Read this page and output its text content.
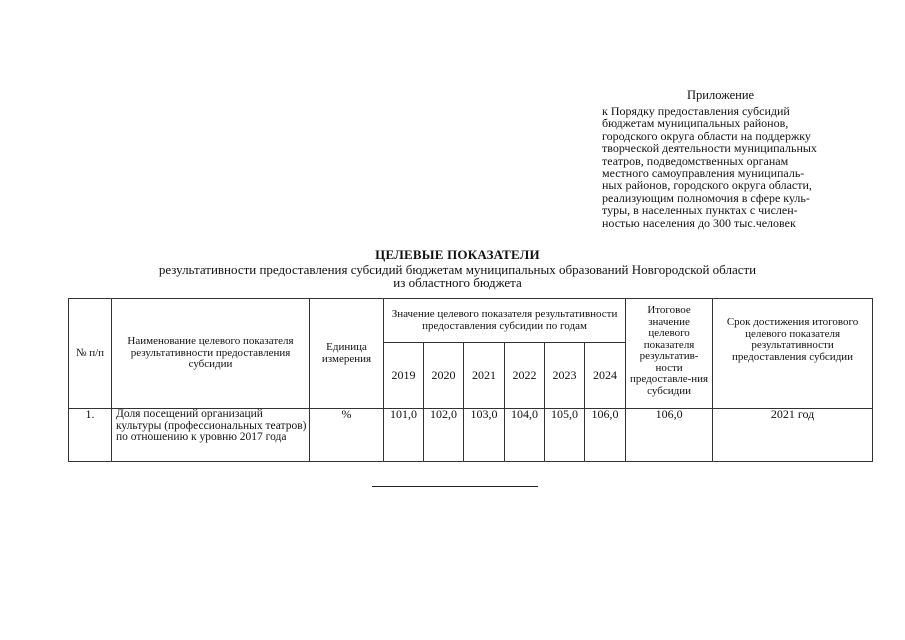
Приложение
к Порядку предоставления субсидий
бюджетам муниципальных районов,
городского округа области на поддержку
творческой деятельности муниципальных
театров, подведомственных органам
местного самоуправления муниципаль-
ных районов, городского округа области,
реализующим полномочия в сфере куль-
туры, в населенных пунктах с числен-
ностью населения до 300 тыс.человек
ЦЕЛЕВЫЕ ПОКАЗАТЕЛИ
результативности предоставления субсидий бюджетам муниципальных образований Новгородской области
из областного бюджета
№ п/п	Наименование целевого показателя результативности предоставления субсидии	Единица измерения	Значение целевого показателя результативности предоставления субсидии по годам						Итоговое значение целевого показателя результатив-ности предоставле-ния субсидии	Срок достижения итогового целевого показателя результативности предоставления субсидии
			2019	2020	2021	2022	2023	2024		
1.	Доля посещений организаций культуры (профессиональных театров) по отношению к уровню 2017 года	%	101,0	102,0	103,0	104,0	105,0	106,0	106,0	2021 год
